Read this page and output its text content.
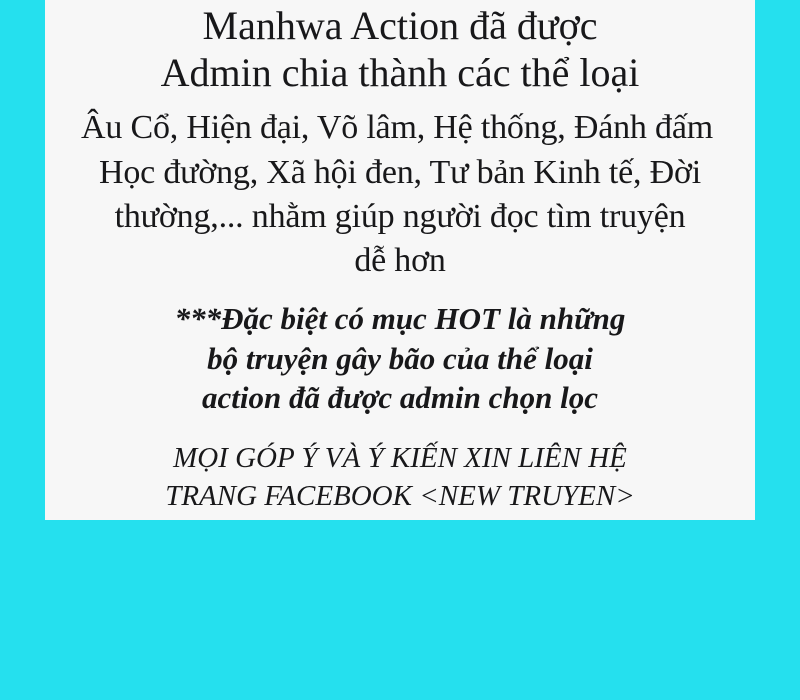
Manhwa Action đã được
Admin chia thành các thể loại
Âu Cổ, Hiện đại, Võ lâm, Hệ thống, Đánh đấm
Học đường, Xã hội đen, Tư bản Kinh tế, Đời
thường,... nhằm giúp người đọc tìm truyện
dễ hơn
***Đặc biệt có mục HOT là những
bộ truyện gây bão của thể loại
action đã được admin chọn lọc
MỌI GÓP Ý VÀ Ý KIẾN XIN LIÊN HỆ
TRANG FACEBOOK <NEW TRUYEN>
